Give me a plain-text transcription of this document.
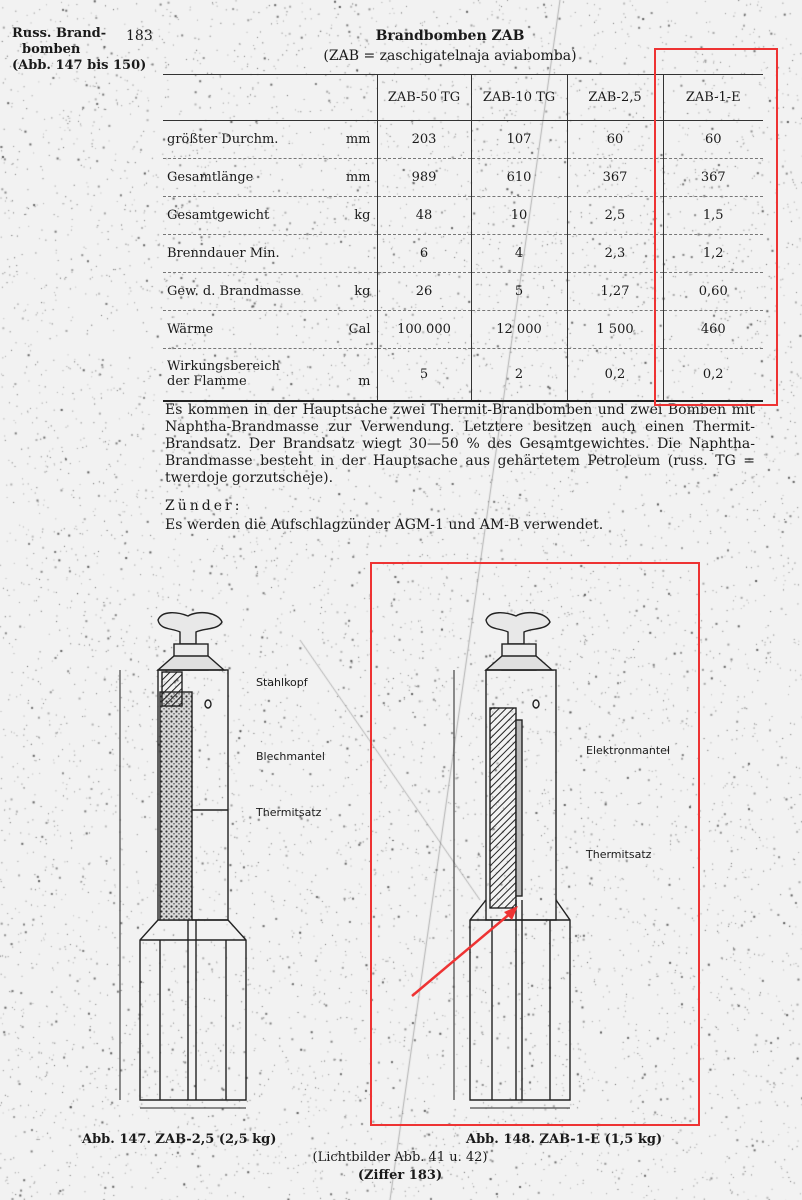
Russ. Brand-
bomben
(Abb. 147 bis 150)
183	Brandbomben ZAB
(ZAB = zaschigatelnaja aviabomba)
	ZAB-50 TG	ZAB-10 TG	ZAB-2,5	ZAB-1-E

größter Durchm. mm	203	107	60	60

Gesamtlänge mm	989	610	367	367

Gesamtgewicht kg	48	10	2,5	1,5

Brenndauer Min.	6	4	2,3	1,2

Gew. d. Brandmasse kg	26	5	1,27	0,60

Wärme Cal	100 000	12 000	1 500	460

Wirkungsbereich der Flamme m	5	2	0,2	0,2
Es kommen in der Hauptsache zwei Thermit-Brandbomben und zwei Bomben mit Naphtha-Brandmasse zur Verwendung. Letztere besitzen auch einen Thermit-Brandsatz. Der Brandsatz wiegt 30—50 % des Gesamtgewichtes. Die Naphtha-Brandmasse besteht in der Hauptsache aus gehärtetem Petroleum (russ. TG = twerdoje gorzutscheje).
Zünder:
Es werden die Aufschlagzünder AGM-1 und AM-B verwendet.
Stahlkopf
Blechmantel
Thermitsatz
Elektronmantel
Thermitsatz
Abb. 147. ZAB-2,5 (2,5 kg)	Abb. 148. ZAB-1-E (1,5 kg)
(Lichtbilder Abb. 41 u. 42)
(Ziffer 183)
